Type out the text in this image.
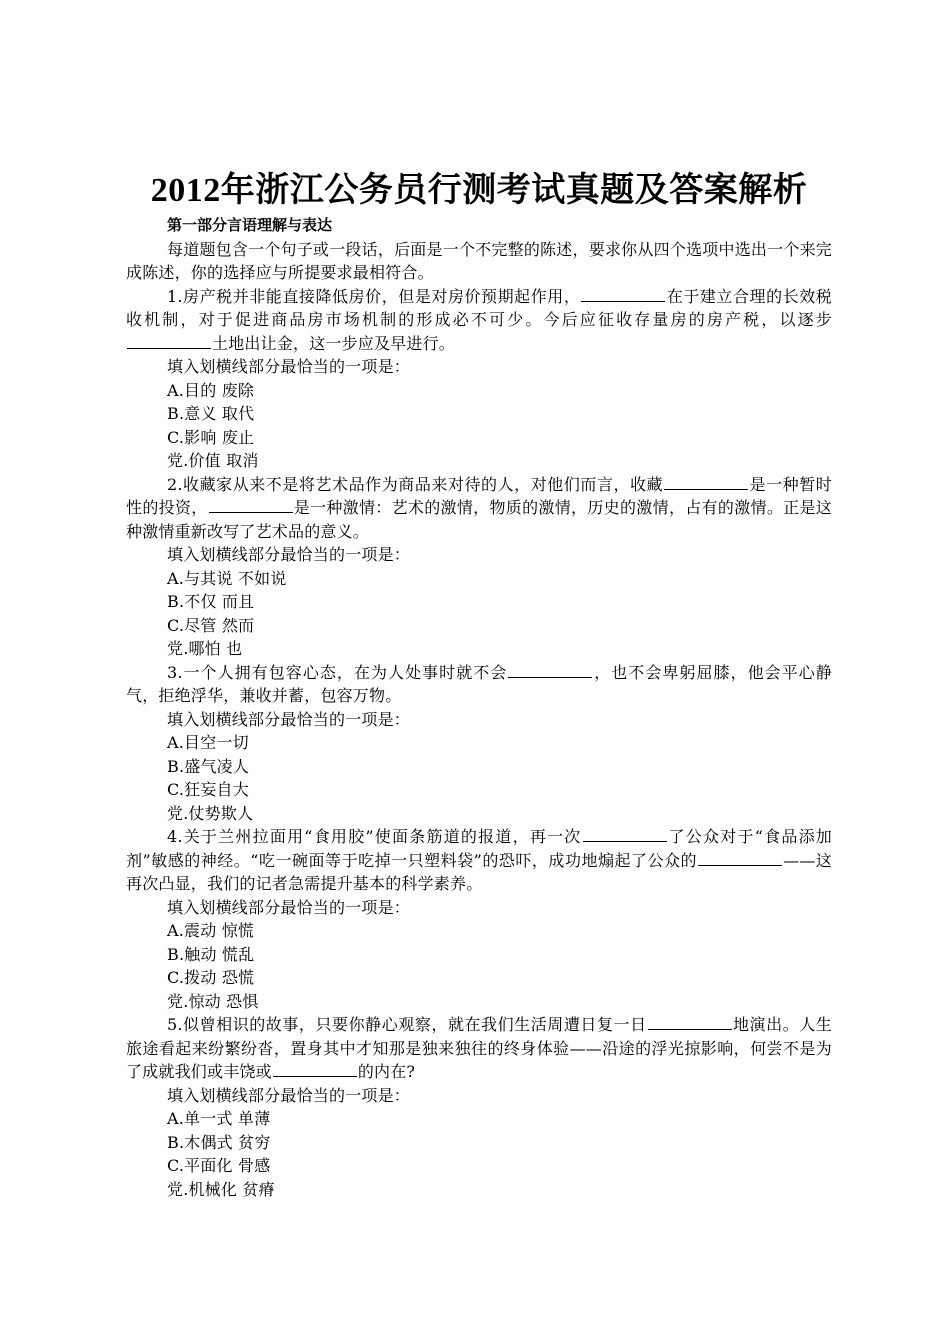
2012年浙江公务员行测考试真题及答案解析

第一部分言语理解与表达

每道题包含一个句子或一段话，后面是一个不完整的陈述，要求你从四个选项中选出一个来完成陈述，你的选择应与所提要求最相符合。

1.房产税并非能直接降低房价，但是对房价预期起作用，	在于建立合理的长效税收机制，对于促进商品房市场机制的形成必不可少。今后应征收存量房的房产税，以逐步土地出让金，这一步应及早进行。

填入划横线部分最恰当的一项是：

A.目的 废除

B.意义 取代

C.影响 废止

党.价值 取消

2.收藏家从来不是将艺术品作为商品来对待的人，对他们而言，收藏	是一种暂时性的投资，	是一种激情：艺术的激情，物质的激情，历史的激情，占有的激情。正是这种激情重新改写了艺术品的意义。

填入划横线部分最恰当的一项是：

A.与其说 不如说

B.不仅 而且

C.尽管 然而

党.哪怕 也

3.一个人拥有包容心态，在为人处事时就不会	，也不会卑躬屈膝，他会平心静气，拒绝浮华，兼收并蓄，包容万物。

填入划横线部分最恰当的一项是：

A.目空一切

B.盛气凌人

C.狂妄自大

党.仗势欺人

4.关于兰州拉面用“食用胶”使面条筋道的报道，再一次	了公众对于“食品添加剂”敏感的神经。“吃一碗面等于吃掉一只塑料袋”的恐吓，成功地煽起了公众的	——这再次凸显，我们的记者急需提升基本的科学素养。

填入划横线部分最恰当的一项是：

A.震动 惊慌

B.触动 慌乱

C.拨动 恐慌

党.惊动 恐惧

5.似曾相识的故事，只要你静心观察，就在我们生活周遭日复一日	地演出。人生旅途看起来纷繁纷沓，置身其中才知那是独来独往的终身体验——沿途的浮光掠影响，何尝不是为了成就我们或丰饶或	的内在?

填入划横线部分最恰当的一项是：

A.单一式 单薄

B.木偶式 贫穷

C.平面化 骨感

党.机械化 贫瘠
